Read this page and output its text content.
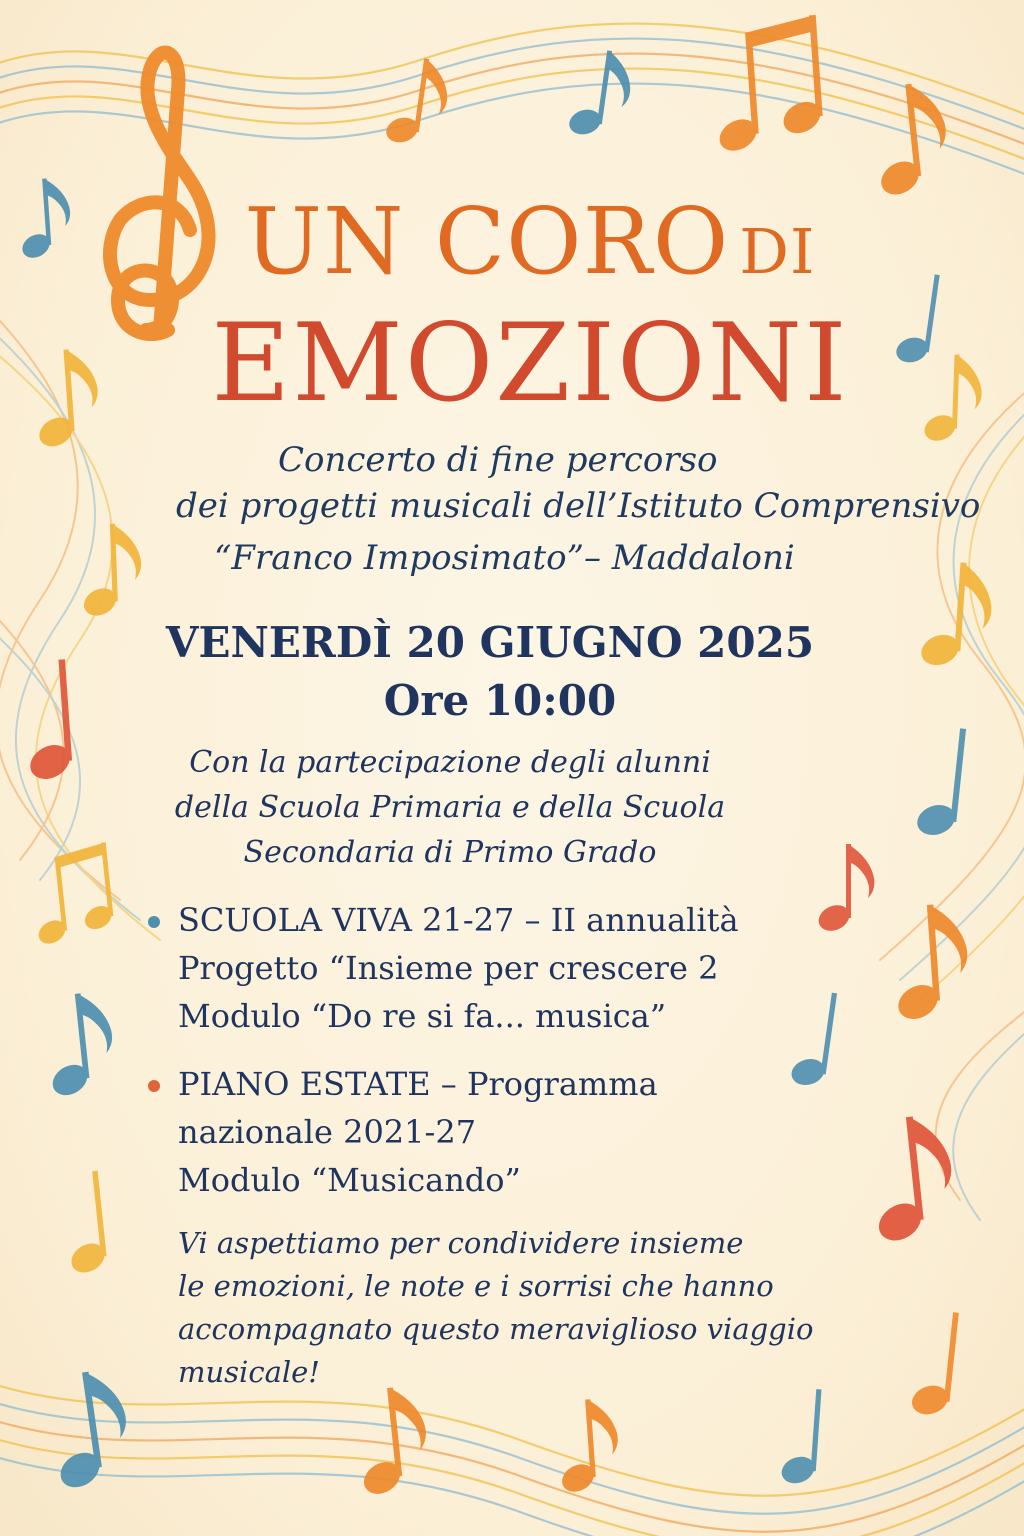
UN CORO DI
EMOZIONI
Concerto di fine percorso
dei progetti musicali dell’Istituto Comprensivo
“Franco Imposimato”– Maddaloni
VENERDÌ 20 GIUGNO 2025
Ore 10:00
Con la partecipazione degli alunni
della Scuola Primaria e della Scuola
Secondaria di Primo Grado
SCUOLA VIVA 21-27 – II annualità
Progetto “Insieme per crescere 2
Modulo “Do re si fa... musica”
PIANO ESTATE – Programma
nazionale 2021-27
Modulo “Musicando”
Vi aspettiamo per condividere insieme
le emozioni, le note e i sorrisi che hanno
accompagnato questo meraviglioso viaggio
musicale!
